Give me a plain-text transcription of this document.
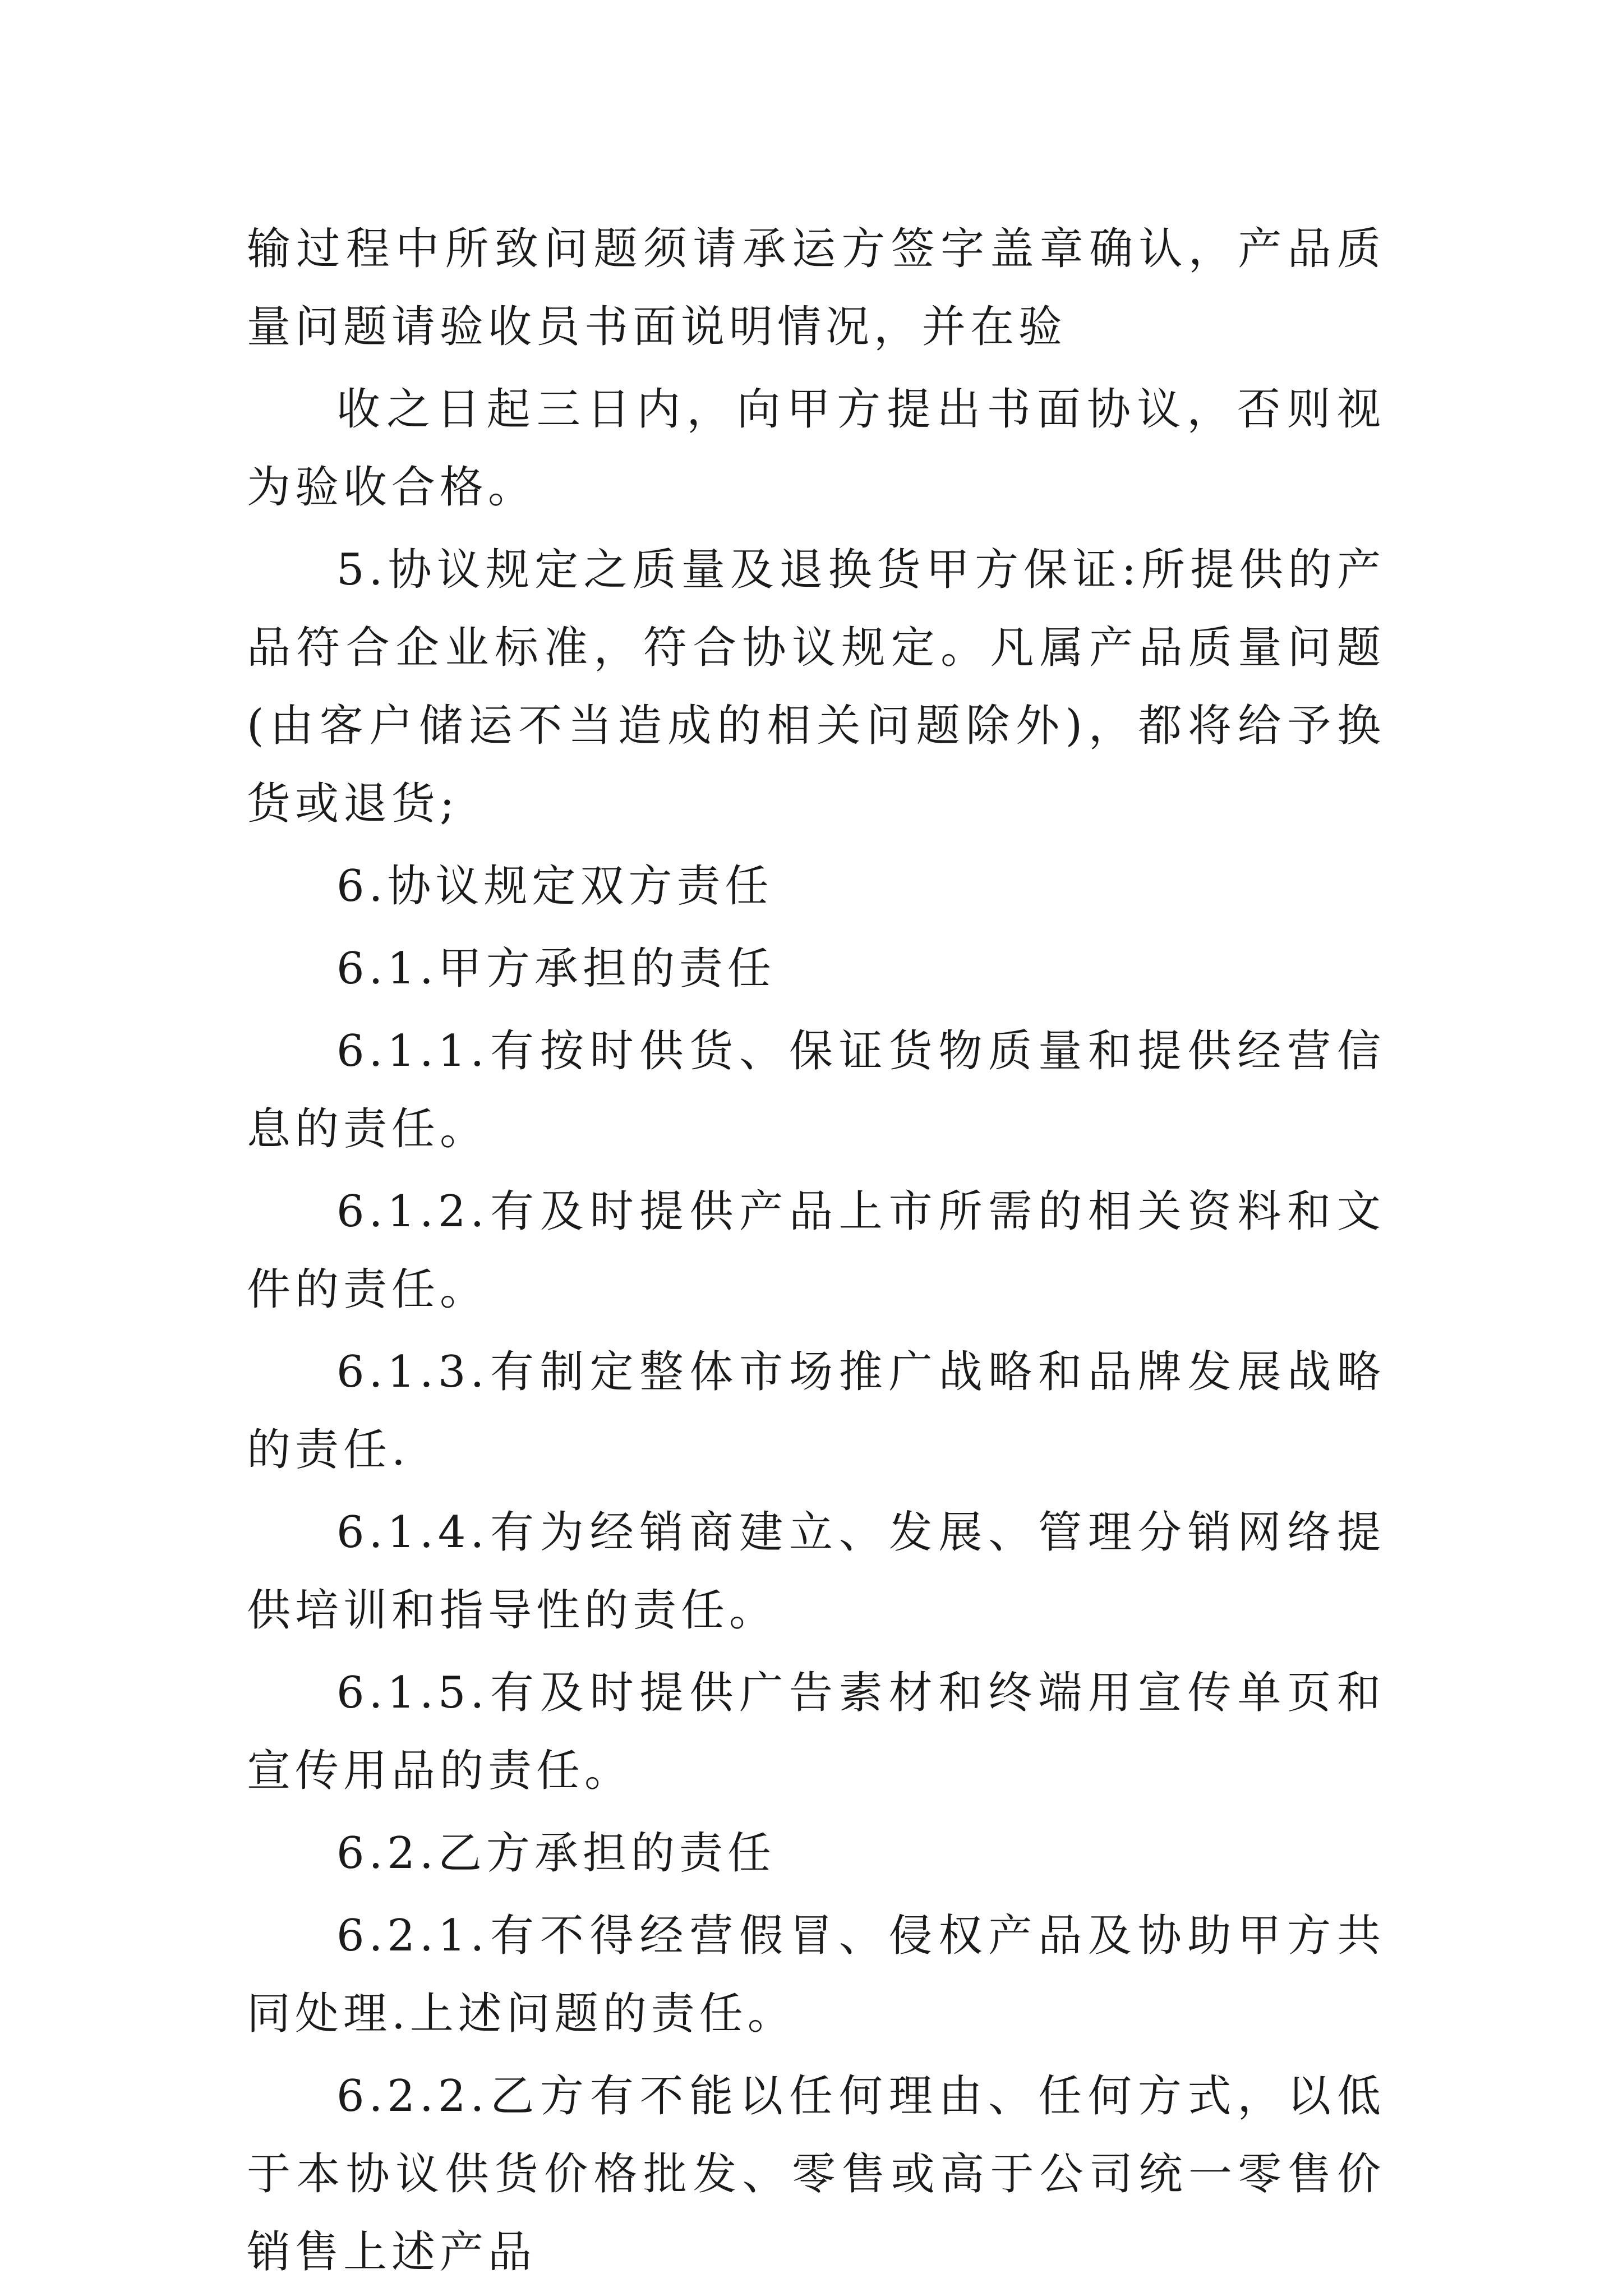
输过程中所致问题须请承运方签字盖章确认，产品质量问题请验收员书面说明情况，并在验

收之日起三日内，向甲方提出书面协议，否则视为验收合格。

5.协议规定之质量及退换货甲方保证:所提供的产品符合企业标准，符合协议规定。凡属产品质量问题(由客户储运不当造成的相关问题除外)，都将给予换货或退货;

6.协议规定双方责任

6.1.甲方承担的责任

6.1.1.有按时供货、保证货物质量和提供经营信息的责任。

6.1.2.有及时提供产品上市所需的相关资料和文件的责任。

6.1.3.有制定整体市场推广战略和品牌发展战略的责任.

6.1.4.有为经销商建立、发展、管理分销网络提供培训和指导性的责任。

6.1.5.有及时提供广告素材和终端用宣传单页和宣传用品的责任。

6.2.乙方承担的责任

6.2.1.有不得经营假冒、侵权产品及协助甲方共同处理.上述问题的责任。

6.2.2.乙方有不能以任何理由、任何方式，以低于本协议供货价格批发、零售或高于公司统一零售价销售上述产品
